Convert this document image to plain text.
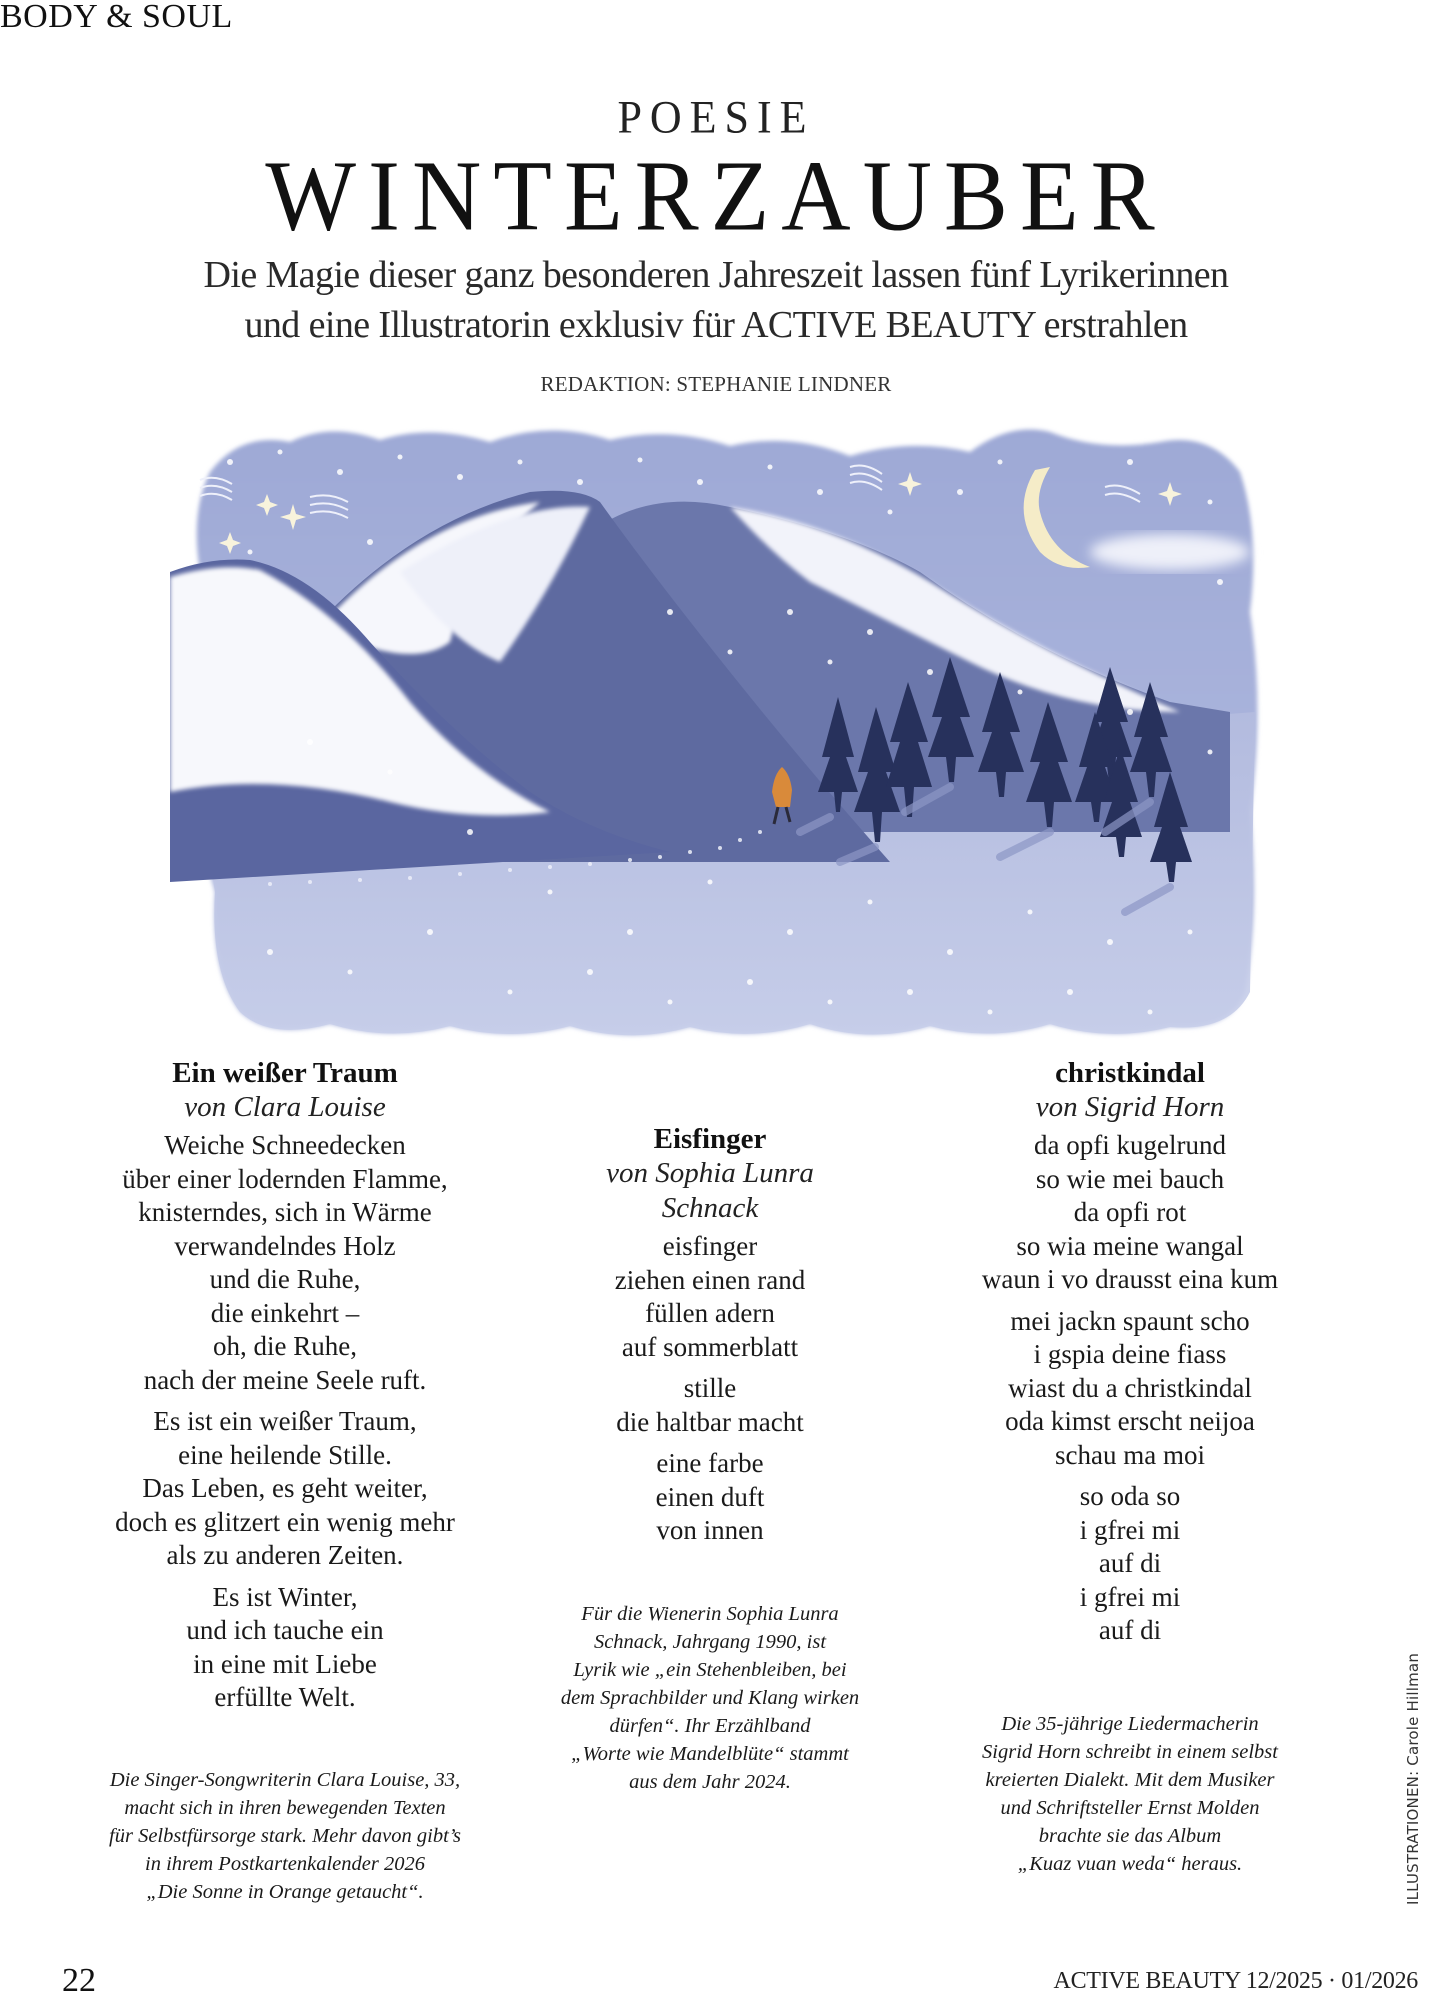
BODY & SOUL
POESIE
WINTERZAUBER
Die Magie dieser ganz besonderen Jahreszeit lassen fünf Lyrikerinnen
und eine Illustratorin exklusiv für ACTIVE BEAUTY erstrahlen
REDAKTION: STEPHANIE LINDNER
Ein weißer Traum
von Clara Louise
Weiche Schneedecken
über einer lodernden Flamme,
knisterndes, sich in Wärme
verwandelndes Holz
und die Ruhe,
die einkehrt –
oh, die Ruhe,
nach der meine Seele ruft.
Es ist ein weißer Traum,
eine heilende Stille.
Das Leben, es geht weiter,
doch es glitzert ein wenig mehr
als zu anderen Zeiten.
Es ist Winter,
und ich tauche ein
in eine mit Liebe
erfüllte Welt.
Die Singer-Songwriterin Clara Louise, 33,
macht sich in ihren bewegenden Texten
für Selbstfürsorge stark. Mehr davon gibt’s
in ihrem Postkartenkalender 2026
„Die Sonne in Orange getaucht“.
Eisfinger
von Sophia Lunra
Schnack
eisfinger
ziehen einen rand
füllen adern
auf sommerblatt
stille
die haltbar macht
eine farbe
einen duft
von innen
Für die Wienerin Sophia Lunra
Schnack, Jahrgang 1990, ist
Lyrik wie „ein Stehenbleiben, bei
dem Sprachbilder und Klang wirken
dürfen“. Ihr Erzählband
„Worte wie Mandelblüte“ stammt
aus dem Jahr 2024.
christkindal
von Sigrid Horn
da opfi kugelrund
so wie mei bauch
da opfi rot
so wia meine wangal
waun i vo drausst eina kum
mei jackn spaunt scho
i gspia deine fiass
wiast du a christkindal
oda kimst erscht neijoa
schau ma moi
so oda so
i gfrei mi
auf di
i gfrei mi
auf di
Die 35-jährige Liedermacherin
Sigrid Horn schreibt in einem selbst
kreierten Dialekt. Mit dem Musiker
und Schriftsteller Ernst Molden
brachte sie das Album
„Kuaz vuan weda“ heraus.	ILLUSTRATIONEN: Carole Hillman
22	ACTIVE BEAUTY 12/2025 · 01/2026
